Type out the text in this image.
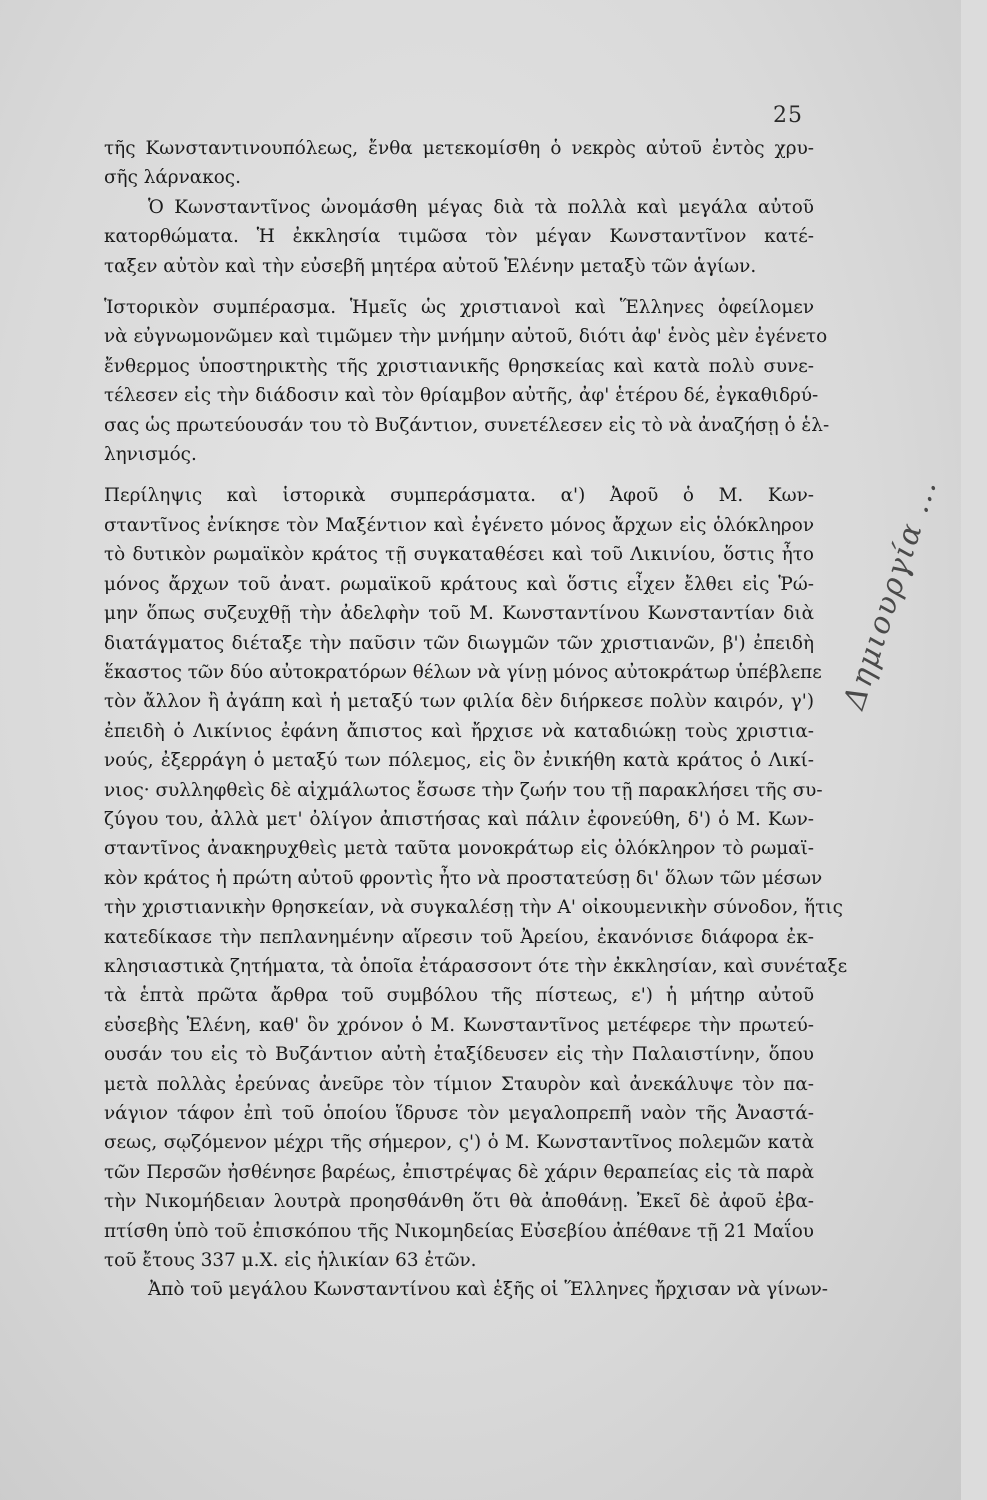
25
τῆς Κωνσταντινουπόλεως, ἔνθα μετεκομίσθη ὁ νεκρὸς αὐτοῦ ἐντὸς χρυ-
σῆς λάρνακος.
Ὁ Κωνσταντῖνος ὠνομάσθη μέγας διὰ τὰ πολλὰ καὶ μεγάλα αὐτοῦ
κατορθώματα. Ἡ ἐκκλησία τιμῶσα τὸν μέγαν Κωνσταντῖνον κατέ-
ταξεν αὐτὸν καὶ τὴν εὐσεβῆ μητέρα αὐτοῦ Ἑλένην μεταξὺ τῶν ἁγίων.
Ἱστορικὸν συμπέρασμα. Ἡμεῖς ὡς χριστιανοὶ καὶ Ἕλληνες ὀφείλομεν
νὰ εὐγνωμονῶμεν καὶ τιμῶμεν τὴν μνήμην αὐτοῦ, διότι ἀφ' ἑνὸς μὲν ἐγένετο
ἔνθερμος ὑποστηρικτὴς τῆς χριστιανικῆς θρησκείας καὶ κατὰ πολὺ συνε-
τέλεσεν εἰς τὴν διάδοσιν καὶ τὸν θρίαμβον αὐτῆς, ἀφ' ἑτέρου δέ, ἐγκαθιδρύ-
σας ὡς πρωτεύουσάν του τὸ Βυζάντιον, συνετέλεσεν εἰς τὸ νὰ ἀναζήσῃ ὁ ἑλ-
ληνισμός.
Περίληψις καὶ ἱστορικὰ συμπεράσματα. α') Ἀφοῦ ὁ Μ. Κων-
σταντῖνος ἐνίκησε τὸν Μαξέντιον καὶ ἐγένετο μόνος ἄρχων εἰς ὁλόκληρον
τὸ δυτικὸν ρωμαϊκὸν κράτος τῇ συγκαταθέσει καὶ τοῦ Λικινίου, ὅστις ἦτο
μόνος ἄρχων τοῦ ἀνατ. ρωμαϊκοῦ κράτους καὶ ὅστις εἶχεν ἔλθει εἰς Ῥώ-
μην ὅπως συζευχθῇ τὴν ἀδελφὴν τοῦ Μ. Κωνσταντίνου Κωνσταντίαν διὰ
διατάγματος διέταξε τὴν παῦσιν τῶν διωγμῶν τῶν χριστιανῶν, β') ἐπειδὴ
ἕκαστος τῶν δύο αὐτοκρατόρων θέλων νὰ γίνῃ μόνος αὐτοκράτωρ ὑπέβλεπε
τὸν ἄλλον ἢ ἀγάπη καὶ ἡ μεταξύ των φιλία δὲν διήρκεσε πολὺν καιρόν, γ')
ἐπειδὴ ὁ Λικίνιος ἐφάνη ἄπιστος καὶ ἤρχισε νὰ καταδιώκῃ τοὺς χριστια-
νούς, ἐξερράγη ὁ μεταξύ των πόλεμος, εἰς ὃν ἐνικήθη κατὰ κράτος ὁ Λικί-
νιος· συλληφθεὶς δὲ αἰχμάλωτος ἔσωσε τὴν ζωήν του τῇ παρακλήσει τῆς συ-
ζύγου του, ἀλλὰ μετ' ὀλίγον ἀπιστήσας καὶ πάλιν ἐφονεύθη, δ') ὁ Μ. Κων-
σταντῖνος ἀνακηρυχθεὶς μετὰ ταῦτα μονοκράτωρ εἰς ὁλόκληρον τὸ ρωμαϊ-
κὸν κράτος ἡ πρώτη αὐτοῦ φροντὶς ἦτο νὰ προστατεύσῃ δι' ὅλων τῶν μέσων
τὴν χριστιανικὴν θρησκείαν, νὰ συγκαλέσῃ τὴν Α' οἰκουμενικὴν σύνοδον, ἥτις
κατεδίκασε τὴν πεπλανημένην αἵρεσιν τοῦ Ἀρείου, ἐκανόνισε διάφορα ἐκ-
κλησιαστικὰ ζητήματα, τὰ ὁποῖα ἐτάρασσοντ ότε τὴν ἐκκλησίαν, καὶ συνέταξε
τὰ ἑπτὰ πρῶτα ἄρθρα τοῦ συμβόλου τῆς πίστεως, ε') ἡ μήτηρ αὐτοῦ
εὐσεβὴς Ἑλένη, καθ' ὃν χρόνον ὁ Μ. Κωνσταντῖνος μετέφερε τὴν πρωτεύ-
ουσάν του εἰς τὸ Βυζάντιον αὐτὴ ἐταξίδευσεν εἰς τὴν Παλαιστίνην, ὅπου
μετὰ πολλὰς ἐρεύνας ἀνεῦρε τὸν τίμιον Σταυρὸν καὶ ἀνεκάλυψε τὸν πα-
νάγιον τάφον ἐπὶ τοῦ ὁποίου ἵδρυσε τὸν μεγαλοπρεπῆ ναὸν τῆς Ἀναστά-
σεως, σῳζόμενον μέχρι τῆς σήμερον, ς') ὁ Μ. Κωνσταντῖνος πολεμῶν κατὰ
τῶν Περσῶν ἠσθένησε βαρέως, ἐπιστρέψας δὲ χάριν θεραπείας εἰς τὰ παρὰ
τὴν Νικομήδειαν λουτρὰ προησθάνθη ὅτι θὰ ἀποθάνῃ. Ἐκεῖ δὲ ἀφοῦ ἐβα-
πτίσθη ὑπὸ τοῦ ἐπισκόπου τῆς Νικομηδείας Εὐσεβίου ἀπέθανε τῇ 21 Μαΐου
τοῦ ἔτους 337 μ.Χ. εἰς ἡλικίαν 63 ἐτῶν.
Ἀπὸ τοῦ μεγάλου Κωνσταντίνου καὶ ἑξῆς οἱ Ἕλληνες ἤρχισαν νὰ γίνων-
Δημιουργία ...
